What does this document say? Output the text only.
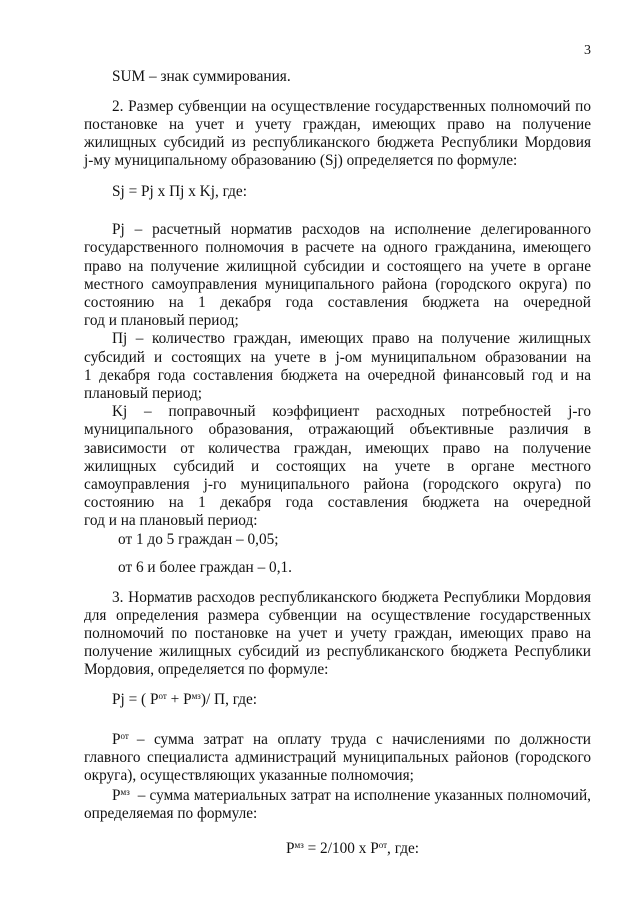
3
SUM – знак суммирования.
2. Размер субвенции на осуществление государственных полномочий по
постановке на учет и учету граждан, имеющих право на получение
жилищных субсидий из республиканского бюджета Республики Мордовия
j-му муниципальному образованию (Sj) определяется по формуле:
Sj = Pj x Пj x Kj, где:
Pj – расчетный норматив расходов на исполнение делегированного
государственного полномочия в расчете на одного гражданина, имеющего
право на получение жилищной субсидии и состоящего на учете в органе
местного самоуправления муниципального района (городского округа) по
состоянию на 1 декабря года составления бюджета на очередной
год и плановый период;
Пj – количество граждан, имеющих право на получение жилищных
субсидий и состоящих на учете в j-ом муниципальном образовании на
1 декабря года составления бюджета на очередной финансовый год и на
плановый период;
Kj – поправочный коэффициент расходных потребностей j-го
муниципального образования, отражающий объективные различия в
зависимости от количества граждан, имеющих право на получение
жилищных субсидий и состоящих на учете в органе местного
самоуправления j-го муниципального района (городского округа) по
состоянию на 1 декабря года составления бюджета на очередной
год и на плановый период:
от 1 до 5 граждан – 0,05;
от 6 и более граждан – 0,1.
3. Норматив расходов республиканского бюджета Республики Мордовия
для определения размера субвенции на осуществление государственных
полномочий по постановке на учет и учету граждан, имеющих право на
получение жилищных субсидий из республиканского бюджета Республики
Мордовия, определяется по формуле:
Pj = ( $P^{от} + P^{мз})/$ П, где:
$P^{от}$ – сумма затрат на оплату труда с начислениями по должности
главного специалиста администраций муниципальных районов (городского
округа), осуществляющих указанные полномочия;
$P^{мз}$ – сумма материальных затрат на исполнение указанных полномочий,
определяемая по формуле:
$P^{мз} = 2/100$ x $P^{от}$, где:
